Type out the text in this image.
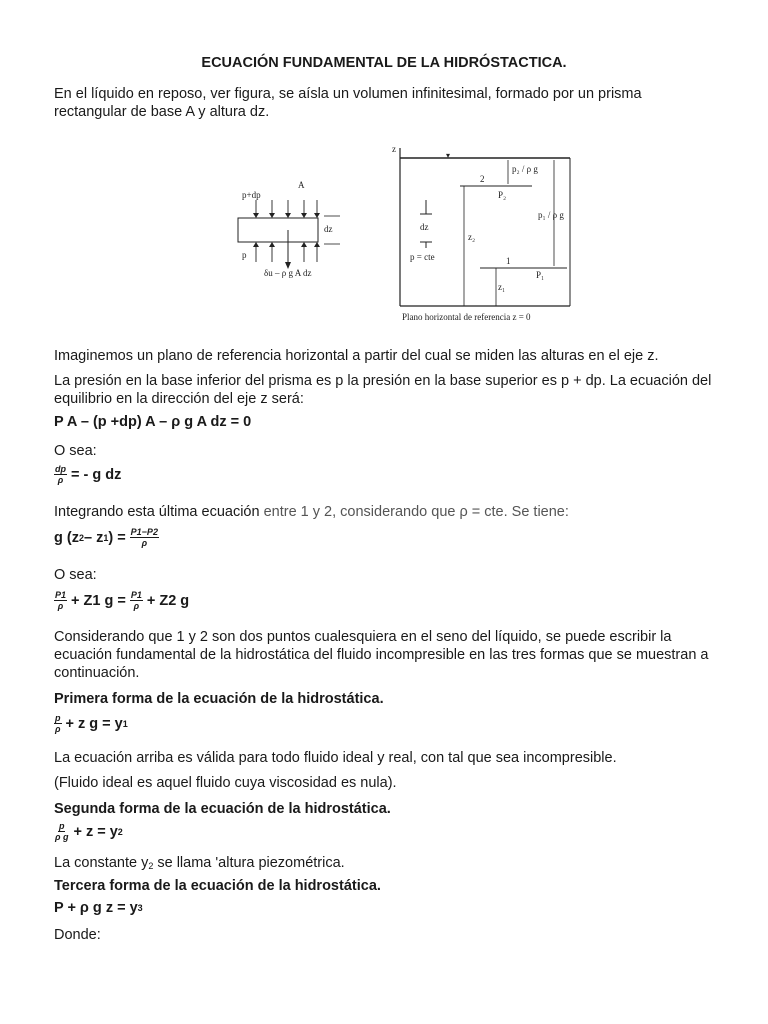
ECUACIÓN FUNDAMENTAL DE LA HIDRÓSTACTICA.
En el líquido en reposo, ver figura, se aísla un volumen infinitesimal, formado por un prisma rectangular de base A y altura dz.
A
p+dp
dz
p
δu – ρ g A dz
z
▾
dz
p = cte
2
P₂
z₂
p₂ / ρ g
1
P₁
z₁
p₁ / ρ g
Plano horizontal de referencia z = 0
Imaginemos un plano de referencia horizontal a partir del cual se miden las alturas en el eje z.
La presión en la base inferior del prisma es p la presión en la base superior es p + dp. La ecuación del equilibrio en la dirección del eje z será:
P A – (p +dp) A – ρ g A dz = 0
O sea:
$\frac{dp}{\rho}$ = - g dz
Integrando esta última ecuación entre 1 y 2, considerando que ρ = cte. Se tiene:
g (z 2 – z 1 ) = $\frac{P1-P2}{\rho}$
O sea:
$\frac{P1}{\rho} + Z1$ $g = \frac{P1}{\rho} + Z2$ g
Considerando que 1 y 2 son dos puntos cualesquiera en el seno del líquido, se puede escribir la ecuación fundamental de la hidrostática del fluido incompresible en las tres formas que se muestran a continuación.
Primera forma de la ecuación de la hidrostática.
$\frac{p}{\rho} + z$ g = y 1
La ecuación arriba es válida para todo fluido ideal y real, con tal que sea incompresible.
(Fluido ideal es aquel fluido cuya viscosidad es nula).
Segunda forma de la ecuación de la hidrostática.
$\frac{p}{\text{ρ g}} + z = y$ 2
La constante $y_2$ se llama 'altura piezométrica.
Tercera forma de la ecuación de la hidrostática.
P + ρ g z = y 3
Donde:
